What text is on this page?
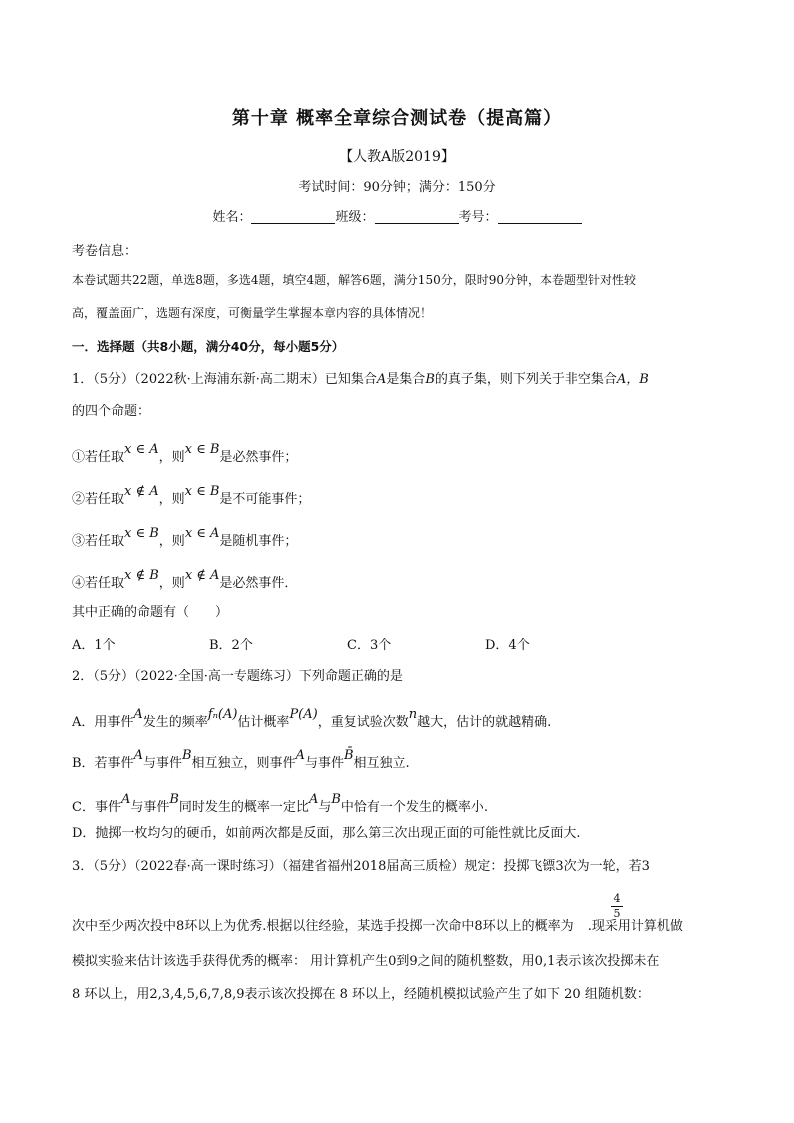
第十章 概率全章综合测试卷（提高篇）
【人教A版2019】
考试时间：90分钟；满分：150分
姓名：	班级：	考号：
考卷信息：
本卷试题共22题，单选8题，多选4题，填空4题，解答6题，满分150分，限时90分钟，本卷题型针对性较
高，覆盖面广，选题有深度，可衡量学生掌握本章内容的具体情况！
一．选择题（共8小题，满分40分，每小题5分）
1．（5分）（2022秋·上海浦东新·高二期末）已知集合A是集合B的真子集，则下列关于非空集合A，B
的四个命题：
①若任取x ∈ A，则x ∈ B是必然事件；
②若任取x ∉ A，则x ∈ B是不可能事件；
③若任取x ∈ B，则x ∈ A是随机事件；
④若任取x ∉ B，则x ∉ A是必然事件．
其中正确的命题有（　　）
A．1个	B．2个	C．3个	D．4个
2．（5分）（2022·全国·高一专题练习）下列命题正确的是
A．用事件A发生的频率fₙ(A)估计概率P(A)，重复试验次数n越大，估计的就越精确.
B．若事件A与事件B相互独立，则事件A与事件B̄相互独立.
C．事件A与事件B同时发生的概率一定比A与B中恰有一个发生的概率小.
D．抛掷一枚均匀的硬币，如前两次都是反面，那么第三次出现正面的可能性就比反面大.
3．（5分）（2022春·高一课时练习）（福建省福州2018届高三质检）规定：投掷飞镖3次为一轮，若3
次中至少两次投中8环以上为优秀.根据以往经验，某选手投掷一次命中8环以上的概率为 .现采用计算机做
4
5
模拟实验来估计该选手获得优秀的概率： 用计算机产生0到9之间的随机整数，用0,1表示该次投掷未在
8 环以上，用2,3,4,5,6,7,8,9表示该次投掷在 8 环以上，经随机模拟试验产生了如下 20 组随机数：
